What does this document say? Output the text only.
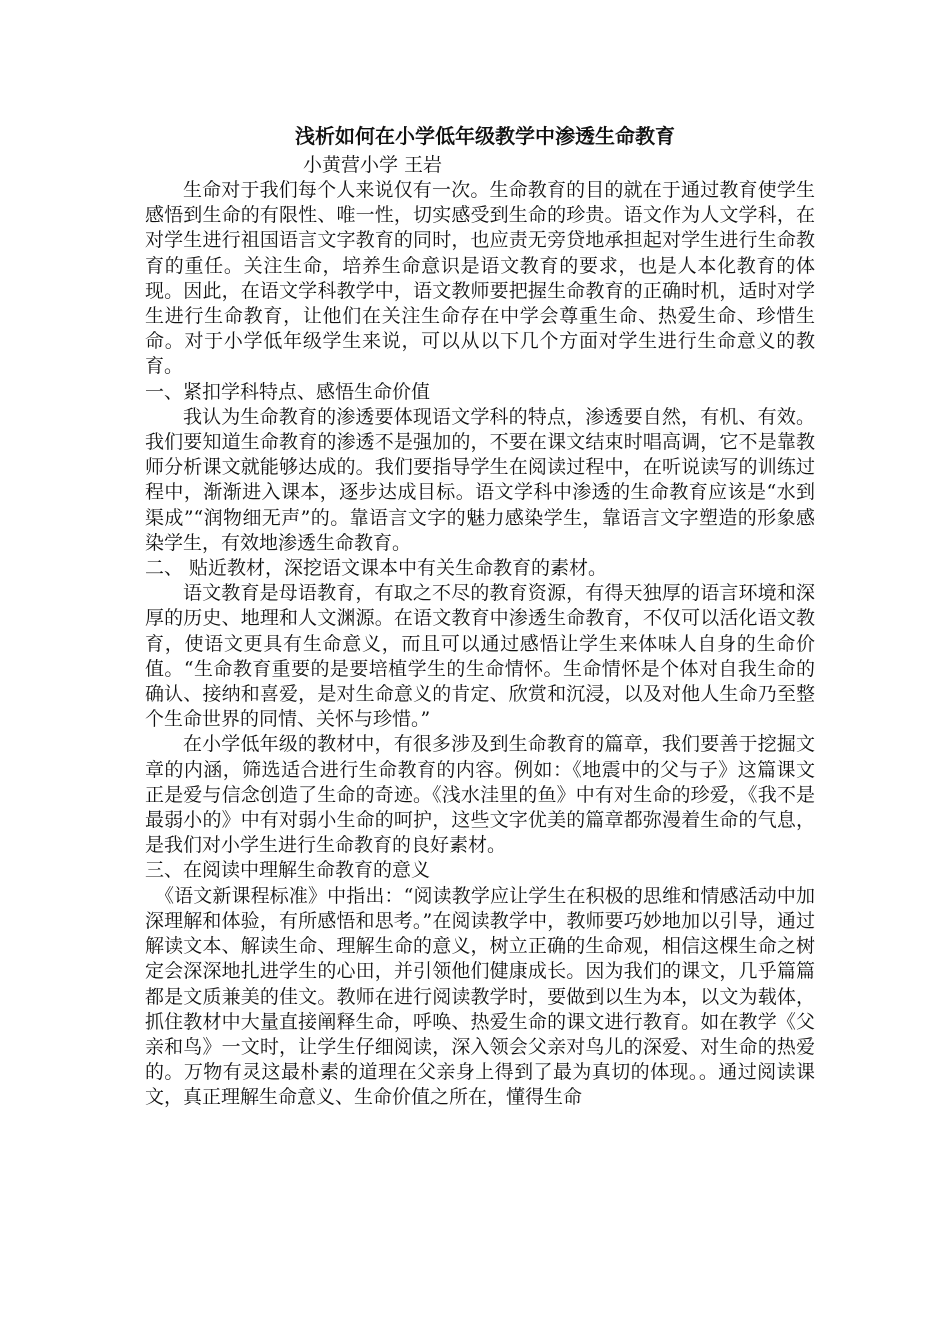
浅析如何在小学低年级教学中渗透生命教育

小黄营小学 王岩

生命对于我们每个人来说仅有一次。生命教育的目的就在于通过教育使学生感悟到生命的有限性、唯一性，切实感受到生命的珍贵。语文作为人文学科，在对学生进行祖国语言文字教育的同时，也应责无旁贷地承担起对学生进行生命教育的重任。关注生命，培养生命意识是语文教育的要求，也是人本化教育的体现。因此，在语文学科教学中，语文教师要把握生命教育的正确时机，适时对学生进行生命教育，让他们在关注生命存在中学会尊重生命、热爱生命、珍惜生命。对于小学低年级学生来说，可以从以下几个方面对学生进行生命意义的教育。

一、紧扣学科特点、感悟生命价值

我认为生命教育的渗透要体现语文学科的特点，渗透要自然，有机、有效。我们要知道生命教育的渗透不是强加的，不要在课文结束时唱高调，它不是靠教师分析课文就能够达成的。我们要指导学生在阅读过程中，在听说读写的训练过程中，渐渐进入课本，逐步达成目标。语文学科中渗透的生命教育应该是“水到渠成”“润物细无声”的。靠语言文字的魅力感染学生，靠语言文字塑造的形象感染学生，有效地渗透生命教育。

二、 贴近教材，深挖语文课本中有关生命教育的素材。

语文教育是母语教育，有取之不尽的教育资源，有得天独厚的语言环境和深厚的历史、地理和人文渊源。在语文教育中渗透生命教育，不仅可以活化语文教育，使语文更具有生命意义，而且可以通过感悟让学生来体味人自身的生命价值。“生命教育重要的是要培植学生的生命情怀。生命情怀是个体对自我生命的确认、接纳和喜爱，是对生命意义的肯定、欣赏和沉浸，以及对他人生命乃至整个生命世界的同情、关怀与珍惜。”

在小学低年级的教材中，有很多涉及到生命教育的篇章，我们要善于挖掘文章的内涵，筛选适合进行生命教育的内容。例如：《地震中的父与子》这篇课文正是爱与信念创造了生命的奇迹。《浅水洼里的鱼》中有对生命的珍爱，《我不是最弱小的》中有对弱小生命的呵护，这些文字优美的篇章都弥漫着生命的气息，是我们对小学生进行生命教育的良好素材。

三、在阅读中理解生命教育的意义

《语文新课程标准》中指出：“阅读教学应让学生在积极的思维和情感活动中加深理解和体验，有所感悟和思考。”在阅读教学中，教师要巧妙地加以引导，通过解读文本、解读生命、理解生命的意义，树立正确的生命观，相信这棵生命之树定会深深地扎进学生的心田，并引领他们健康成长。因为我们的课文，几乎篇篇都是文质兼美的佳文。教师在进行阅读教学时，要做到以生为本，以文为载体，抓住教材中大量直接阐释生命，呼唤、热爱生命的课文进行教育。如在教学《父亲和鸟》一文时，让学生仔细阅读，深入领会父亲对鸟儿的深爱、对生命的热爱的。万物有灵这最朴素的道理在父亲身上得到了最为真切的体现。。通过阅读课文，真正理解生命意义、生命价值之所在，懂得生命
